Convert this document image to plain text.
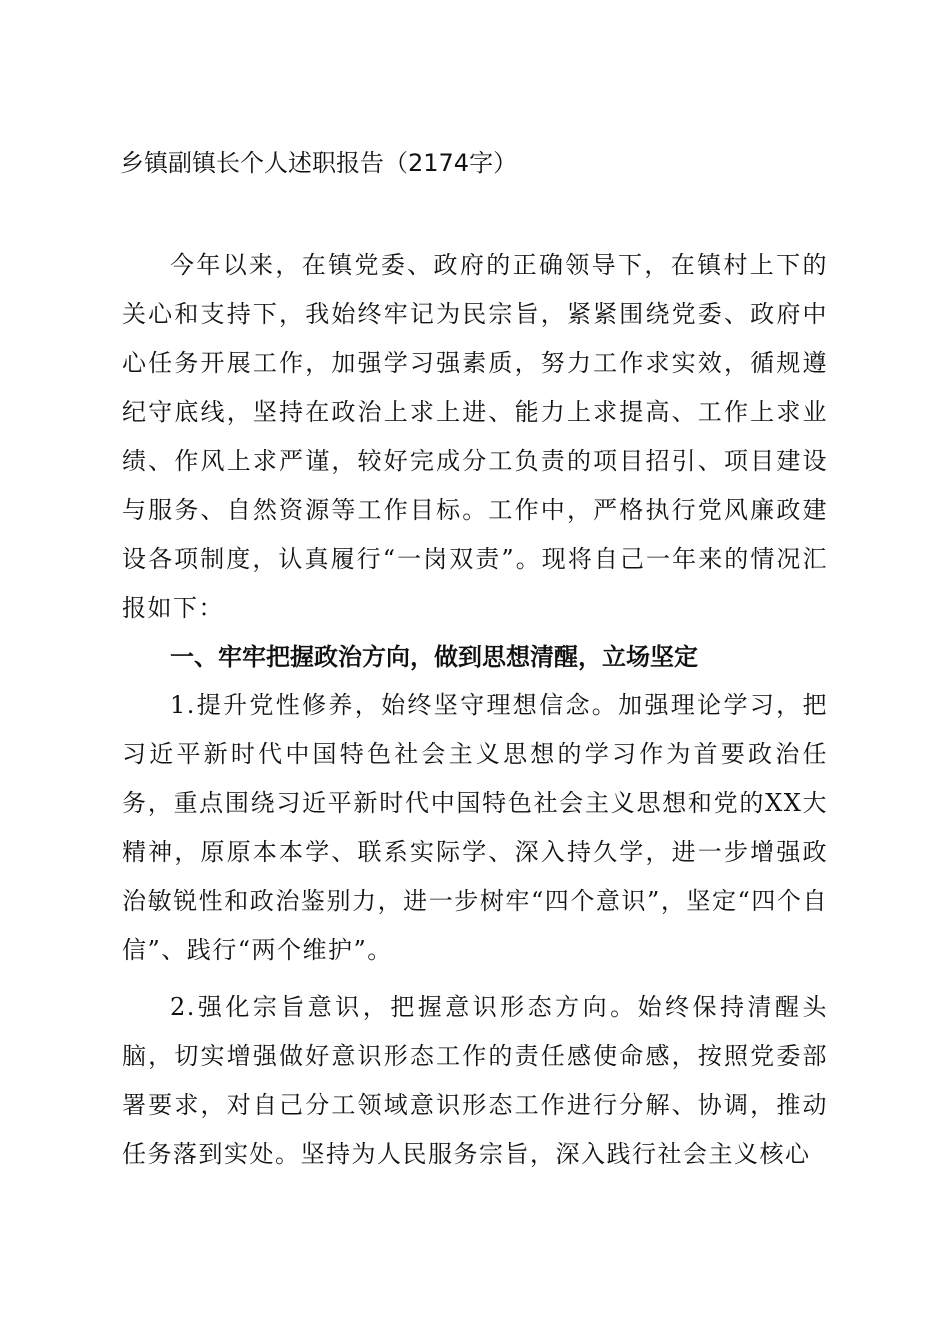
乡镇副镇长个人述职报告（2174字）

今年以来，在镇党委、政府的正确领导下，在镇村上下的关心和支持下，我始终牢记为民宗旨，紧紧围绕党委、政府中心任务开展工作，加强学习强素质，努力工作求实效，循规遵纪守底线，坚持在政治上求上进、能力上求提高、工作上求业绩、作风上求严谨，较好完成分工负责的项目招引、项目建设与服务、自然资源等工作目标。工作中，严格执行党风廉政建设各项制度，认真履行“一岗双责”。现将自己一年来的情况汇报如下：

一、牢牢把握政治方向，做到思想清醒，立场坚定

1.提升党性修养，始终坚守理想信念。加强理论学习，把习近平新时代中国特色社会主义思想的学习作为首要政治任务，重点围绕习近平新时代中国特色社会主义思想和党的XX大精神，原原本本学、联系实际学、深入持久学，进一步增强政治敏锐性和政治鉴别力，进一步树牢“四个意识”，坚定“四个自信”、践行“两个维护”。

2.强化宗旨意识，把握意识形态方向。始终保持清醒头脑，切实增强做好意识形态工作的责任感使命感，按照党委部署要求，对自己分工领域意识形态工作进行分解、协调，推动任务落到实处。坚持为人民服务宗旨，深入践行社会主义核心
